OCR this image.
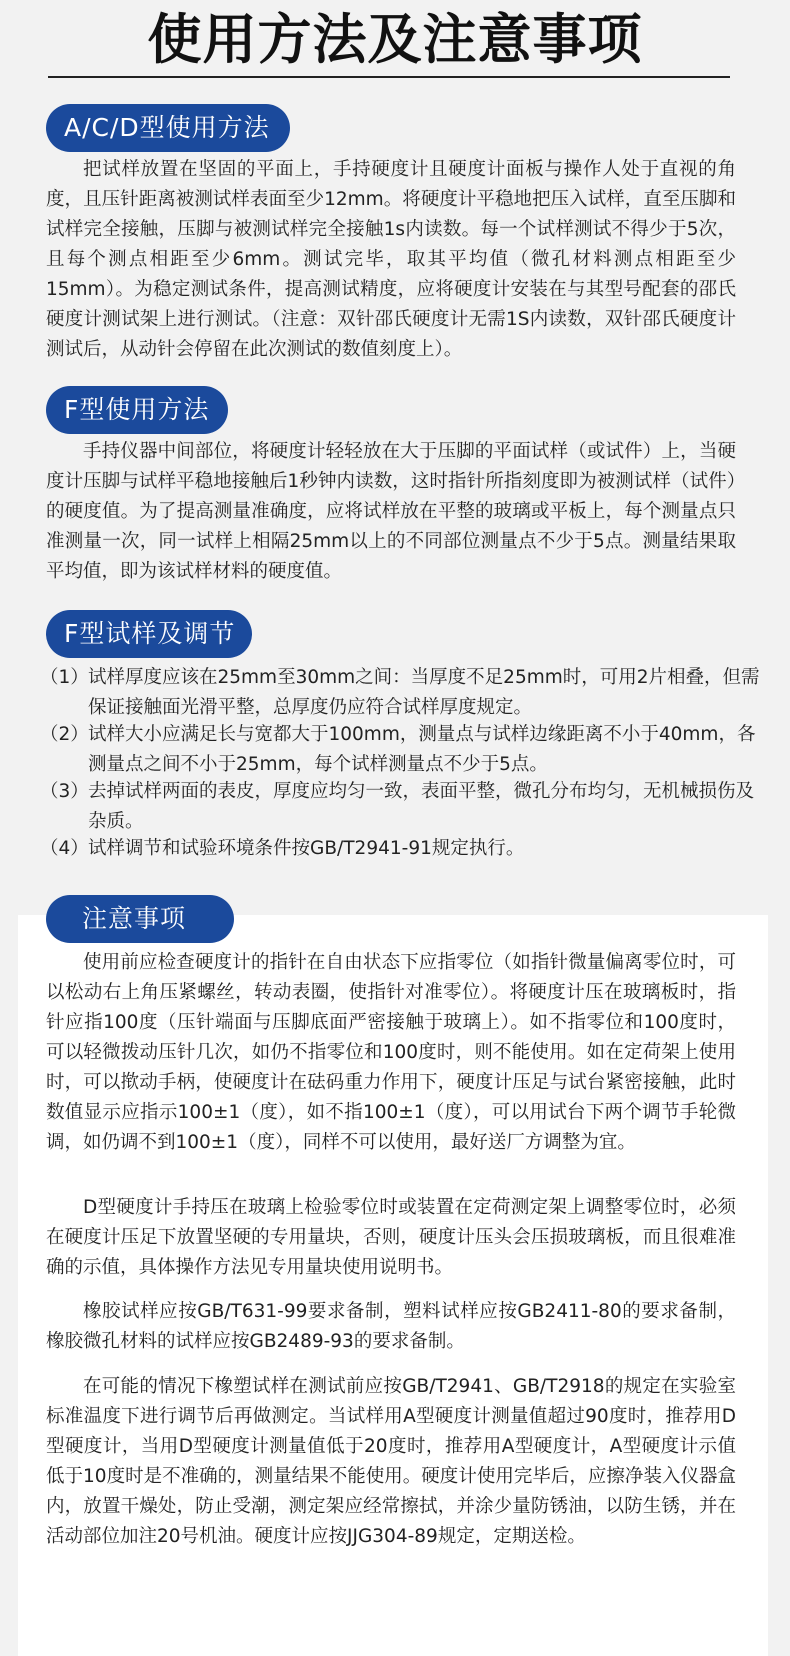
使用方法及注意事项
A/C/D型使用方法
把试样放置在坚固的平面上，手持硬度计且硬度计面板与操作人处于直视的角度，且压针距离被测试样表面至少12mm。将硬度计平稳地把压入试样，直至压脚和试样完全接触，压脚与被测试样完全接触1s内读数。每一个试样测试不得少于5次，且每个测点相距至少6mm。测试完毕，取其平均值（微孔材料测点相距至少15mm）。为稳定测试条件，提高测试精度，应将硬度计安装在与其型号配套的邵氏硬度计测试架上进行测试。（注意：双针邵氏硬度计无需1S内读数，双针邵氏硬度计测试后，从动针会停留在此次测试的数值刻度上）。
F型使用方法
手持仪器中间部位，将硬度计轻轻放在大于压脚的平面试样（或试件）上，当硬度计压脚与试样平稳地接触后1秒钟内读数，这时指针所指刻度即为被测试样（试件）的硬度值。为了提高测量准确度，应将试样放在平整的玻璃或平板上，每个测量点只准测量一次，同一试样上相隔25mm以上的不同部位测量点不少于5点。测量结果取平均值，即为该试样材料的硬度值。
F型试样及调节
（1） 试样厚度应该在25mm至30mm之间：当厚度不足25mm时，可用2片相叠，但需保证接触面光滑平整，总厚度仍应符合试样厚度规定。
（2） 试样大小应满足长与宽都大于100mm，测量点与试样边缘距离不小于40mm，各测量点之间不小于25mm，每个试样测量点不少于5点。
（3） 去掉试样两面的表皮，厚度应均匀一致，表面平整，微孔分布均匀，无机械损伤及杂质。
（4） 试样调节和试验环境条件按GB/T2941-91规定执行。
注意事项
使用前应检查硬度计的指针在自由状态下应指零位（如指针微量偏离零位时，可以松动右上角压紧螺丝，转动表圈，使指针对准零位）。将硬度计压在玻璃板时，指针应指100度（压针端面与压脚底面严密接触于玻璃上）。如不指零位和100度时，可以轻微拨动压针几次，如仍不指零位和100度时，则不能使用。如在定荷架上使用时，可以揿动手柄，使硬度计在砝码重力作用下，硬度计压足与试台紧密接触，此时数值显示应指示100±1（度），如不指100±1（度），可以用试台下两个调节手轮微调，如仍调不到100±1（度），同样不可以使用，最好送厂方调整为宜。
D型硬度计手持压在玻璃上检验零位时或装置在定荷测定架上调整零位时，必须在硬度计压足下放置坚硬的专用量块，否则，硬度计压头会压损玻璃板，而且很难准确的示值，具体操作方法见专用量块使用说明书。
橡胶试样应按GB/T631-99要求备制，塑料试样应按GB2411-80的要求备制，橡胶微孔材料的试样应按GB2489-93的要求备制。
在可能的情况下橡塑试样在测试前应按GB/T2941、GB/T2918的规定在实验室标准温度下进行调节后再做测定。当试样用A型硬度计测量值超过90度时，推荐用D型硬度计，当用D型硬度计测量值低于20度时，推荐用A型硬度计，A型硬度计示值低于10度时是不准确的，测量结果不能使用。硬度计使用完毕后，应擦净装入仪器盒内，放置干燥处，防止受潮，测定架应经常擦拭，并涂少量防锈油，以防生锈，并在活动部位加注20号机油。硬度计应按JJG304-89规定，定期送检。
